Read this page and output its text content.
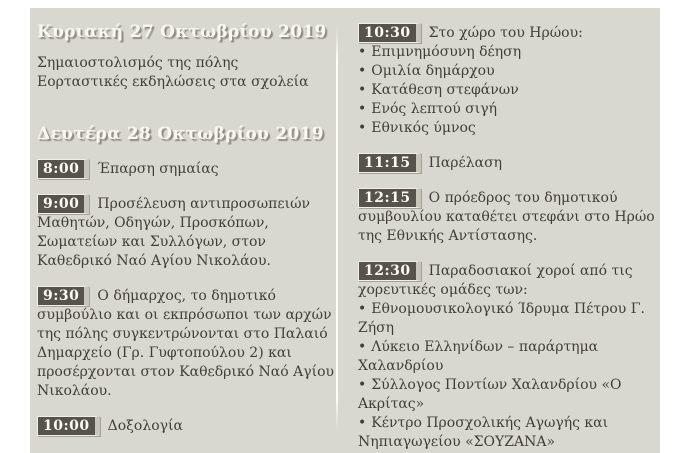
Κυριακή 27 Οκτωβρίου 2019

Σημαιοστολισμός της πόλης

Εορταστικές εκδηλώσεις στα σχολεία

Δευτέρα 28 Οκτωβρίου 2019
8:00 Έπαρση σημαίας
9:00 Προσέλευση αντιπροσωπειών Μαθητών, Οδηγών, Προσκόπων, Σωματείων και Συλλόγων, στον Καθεδρικό Ναό Αγίου Νικολάου.
9:30 Ο δήμαρχος, το δημοτικό συμβούλιο και οι εκπρόσωποι των αρχών της πόλης συγκεντρώνονται στο Παλαιό Δημαρχείο (Γρ. Γυφτοπούλου 2) και προσέρχονται στον Καθεδρικό Ναό Αγίου Νικολάου.
10:00 Δοξολογία
10:30 Στο χώρο του Ηρώου:
• Επιμνημόσυνη δέηση
• Ομιλία δημάρχου
• Κατάθεση στεφάνων
• Ενός λεπτού σιγή
• Εθνικός ύμνος
11:15 Παρέλαση
12:15 Ο πρόεδρος του δημοτικού συμβουλίου καταθέτει στεφάνι στο Ηρώο της Εθνικής Αντίστασης.
12:30 Παραδοσιακοί χοροί από τις χορευτικές ομάδες των:
• Εθνομουσικολογικό Ίδρυμα Πέτρου Γ. Ζήση
• Λύκειο Ελληνίδων – παράρτημα Χαλανδρίου
• Σύλλογος Ποντίων Χαλανδρίου «Ο Ακρίτας»
• Κέντρο Προσχολικής Αγωγής και Νηπιαγωγείου «ΣΟΥΖΑΝΑ»
